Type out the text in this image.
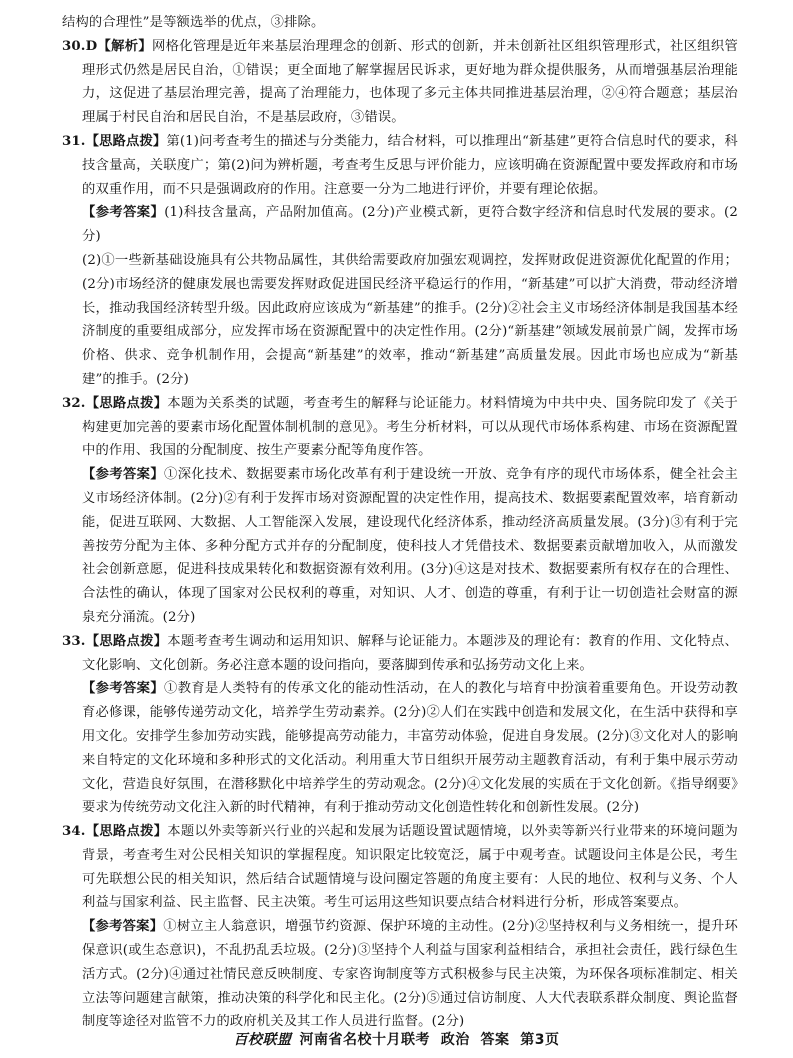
结构的合理性”是等额选举的优点，③排除。

30.D【解析】网格化管理是近年来基层治理理念的创新、形式的创新，并未创新社区组织管理形式，社区组织管理形式仍然是居民自治，①错误；更全面地了解掌握居民诉求，更好地为群众提供服务，从而增强基层治理能力，这促进了基层治理完善，提高了治理能力，也体现了多元主体共同推进基层治理，②④符合题意；基层治理属于村民自治和居民自治，不是基层政府，③错误。

31.【思路点拨】第(1)问考查考生的描述与分类能力，结合材料，可以推理出“新基建”更符合信息时代的要求，科技含量高，关联度广；第(2)问为辨析题，考查考生反思与评价能力，应该明确在资源配置中要发挥政府和市场的双重作用，而不只是强调政府的作用。注意要一分为二地进行评价，并要有理论依据。

【参考答案】(1)科技含量高，产品附加值高。(2分)产业模式新，更符合数字经济和信息时代发展的要求。(2分)

(2)①一些新基础设施具有公共物品属性，其供给需要政府加强宏观调控，发挥财政促进资源优化配置的作用；(2分)市场经济的健康发展也需要发挥财政促进国民经济平稳运行的作用，“新基建”可以扩大消费，带动经济增长，推动我国经济转型升级。因此政府应该成为“新基建”的推手。(2分)②社会主义市场经济体制是我国基本经济制度的重要组成部分，应发挥市场在资源配置中的决定性作用。(2分)“新基建”领域发展前景广阔，发挥市场价格、供求、竞争机制作用，会提高“新基建”的效率，推动“新基建”高质量发展。因此市场也应成为“新基建”的推手。(2分)

32.【思路点拨】本题为关系类的试题，考查考生的解释与论证能力。材料情境为中共中央、国务院印发了《关于构建更加完善的要素市场化配置体制机制的意见》。考生分析材料，可以从现代市场体系构建、市场在资源配置中的作用、我国的分配制度、按生产要素分配等角度作答。

【参考答案】①深化技术、数据要素市场化改革有利于建设统一开放、竞争有序的现代市场体系，健全社会主义市场经济体制。(2分)②有利于发挥市场对资源配置的决定性作用，提高技术、数据要素配置效率，培育新动能，促进互联网、大数据、人工智能深入发展，建设现代化经济体系，推动经济高质量发展。(3分)③有利于完善按劳分配为主体、多种分配方式并存的分配制度，使科技人才凭借技术、数据要素贡献增加收入，从而激发社会创新意愿，促进科技成果转化和数据资源有效利用。(3分)④这是对技术、数据要素所有权存在的合理性、合法性的确认，体现了国家对公民权利的尊重，对知识、人才、创造的尊重，有利于让一切创造社会财富的源泉充分涌流。(2分)

33.【思路点拨】本题考查考生调动和运用知识、解释与论证能力。本题涉及的理论有：教育的作用、文化特点、文化影响、文化创新。务必注意本题的设问指向，要落脚到传承和弘扬劳动文化上来。

【参考答案】①教育是人类特有的传承文化的能动性活动，在人的教化与培育中扮演着重要角色。开设劳动教育必修课，能够传递劳动文化，培养学生劳动素养。(2分)②人们在实践中创造和发展文化，在生活中获得和享用文化。安排学生参加劳动实践，能够提高劳动能力，丰富劳动体验，促进自身发展。(2分)③文化对人的影响来自特定的文化环境和多种形式的文化活动。利用重大节日组织开展劳动主题教育活动，有利于集中展示劳动文化，营造良好氛围，在潜移默化中培养学生的劳动观念。(2分)④文化发展的实质在于文化创新。《指导纲要》要求为传统劳动文化注入新的时代精神，有利于推动劳动文化创造性转化和创新性发展。(2分)

34.【思路点拨】本题以外卖等新兴行业的兴起和发展为话题设置试题情境，以外卖等新兴行业带来的环境问题为背景，考查考生对公民相关知识的掌握程度。知识限定比较宽泛，属于中观考查。试题设问主体是公民，考生可先联想公民的相关知识，然后结合试题情境与设问圈定答题的角度主要有：人民的地位、权利与义务、个人利益与国家利益、民主监督、民主决策。考生可运用这些知识要点结合材料进行分析，形成答案要点。

【参考答案】①树立主人翁意识，增强节约资源、保护环境的主动性。(2分)②坚持权利与义务相统一，提升环保意识(或生态意识)，不乱扔乱丢垃圾。(2分)③坚持个人利益与国家利益相结合，承担社会责任，践行绿色生活方式。(2分)④通过社情民意反映制度、专家咨询制度等方式积极参与民主决策，为环保各项标准制定、相关立法等问题建言献策，推动决策的科学化和民主化。(2分)⑤通过信访制度、人大代表联系群众制度、舆论监督制度等途径对监管不力的政府机关及其工作人员进行监督。(2分)

百校联盟 河南省名校十月联考 政治 答案 第3页
